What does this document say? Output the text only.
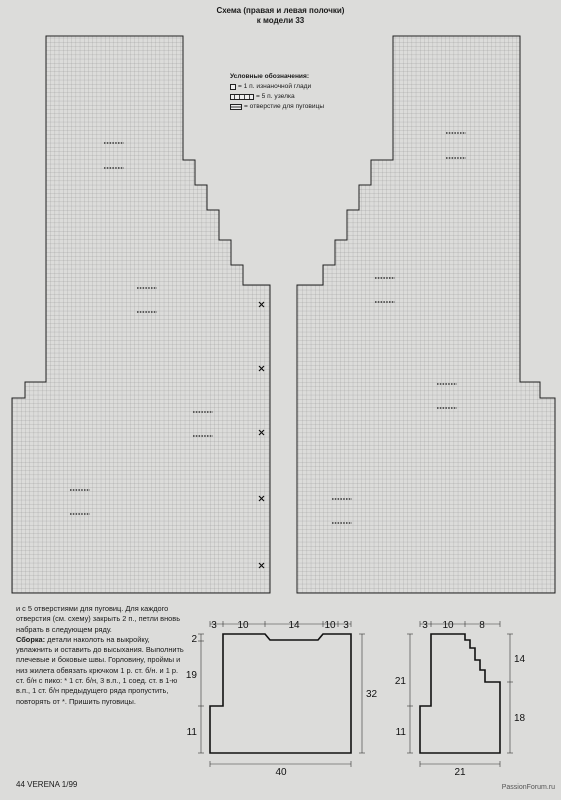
Схема (правая и левая полочки)
к модели 33
3 10	14 10 3
2
19
11
32
40
3 10	8
21
11
14
18
21
Условные обозначения:
= 1 п. изнаночной глади
= 5 п. узелка
= отверстие для пуговицы
и с 5 отверстиями для пуговиц. Для каждого отверстия (см. схему) закрыть 2 п., петли вновь набрать в следующем ряду.
Сборка: детали наколоть на выкройку, увлажнить и оставить до высыхания. Выполнить плечевые и боковые швы. Горловину, проймы и низ жилета обвязать крючком 1 р. ст. б/н. и 1 р. ст. б/н с пико: * 1 ст. б/н, 3 в.п., 1 соед. ст. в 1-ю в.п., 1 ст. б/н предыдущего ряда пропустить, повторять от *. Пришить пуговицы.
44 VERENA 1/99	PassionForum.ru
